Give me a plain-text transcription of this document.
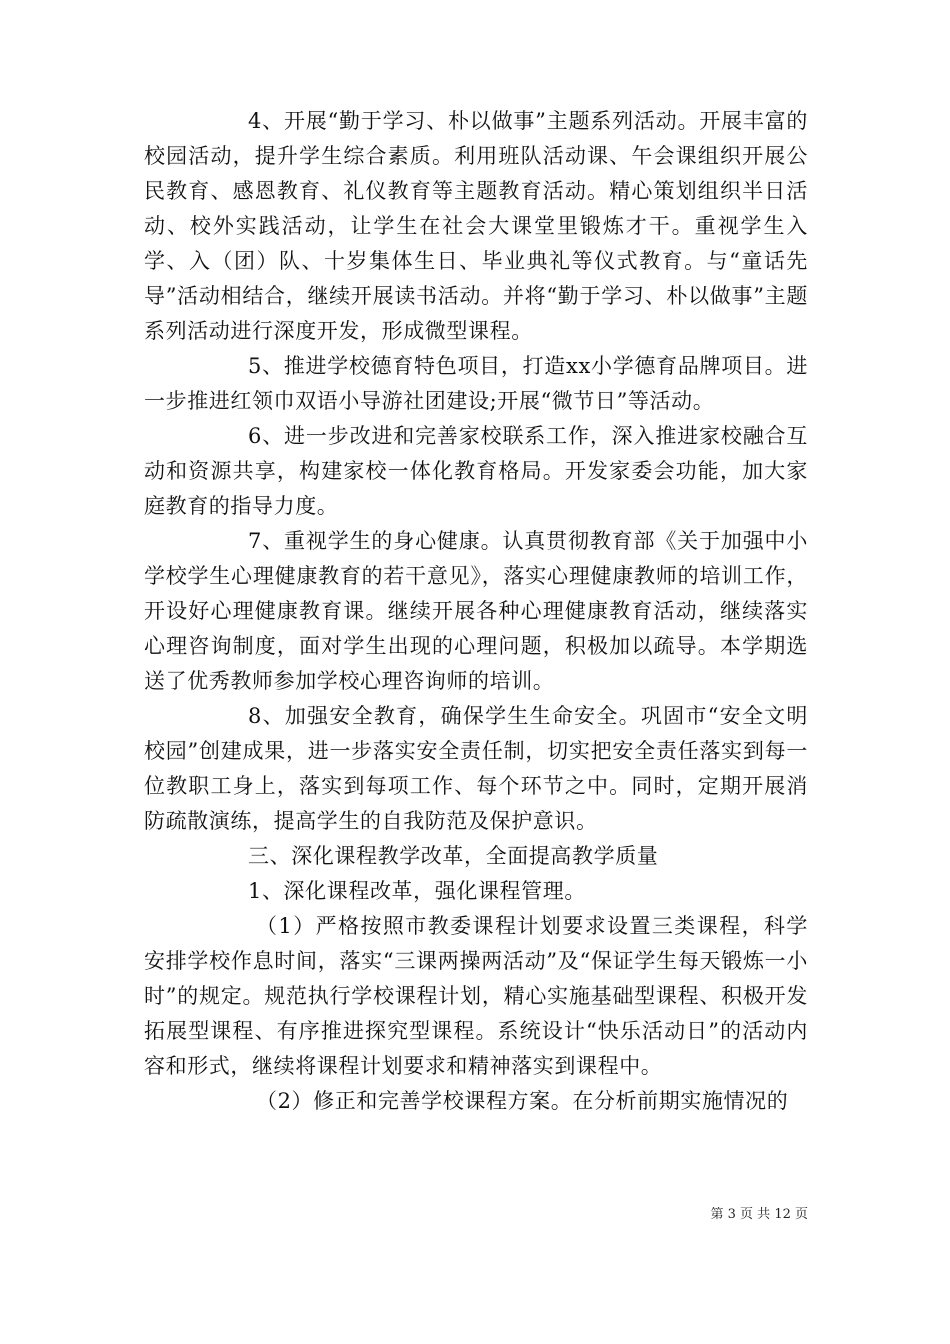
4、开展“勤于学习、朴以做事”主题系列活动。开展丰富的校园活动，提升学生综合素质。利用班队活动课、午会课组织开展公民教育、感恩教育、礼仪教育等主题教育活动。精心策划组织半日活动、校外实践活动，让学生在社会大课堂里锻炼才干。重视学生入学、入（团）队、十岁集体生日、毕业典礼等仪式教育。与“童话先导”活动相结合，继续开展读书活动。并将“勤于学习、朴以做事”主题系列活动进行深度开发，形成微型课程。

5、推进学校德育特色项目，打造xx小学德育品牌项目。进一步推进红领巾双语小导游社团建设;开展“微节日”等活动。

6、进一步改进和完善家校联系工作，深入推进家校融合互动和资源共享，构建家校一体化教育格局。开发家委会功能，加大家庭教育的指导力度。

7、重视学生的身心健康。认真贯彻教育部《关于加强中小学校学生心理健康教育的若干意见》，落实心理健康教师的培训工作，开设好心理健康教育课。继续开展各种心理健康教育活动，继续落实心理咨询制度，面对学生出现的心理问题，积极加以疏导。本学期选送了优秀教师参加学校心理咨询师的培训。

8、加强安全教育，确保学生生命安全。巩固市“安全文明校园”创建成果，进一步落实安全责任制，切实把安全责任落实到每一位教职工身上，落实到每项工作、每个环节之中。同时，定期开展消防疏散演练，提高学生的自我防范及保护意识。

三、深化课程教学改革，全面提高教学质量

1、深化课程改革，强化课程管理。

（1）严格按照市教委课程计划要求设置三类课程，科学安排学校作息时间，落实“三课两操两活动”及“保证学生每天锻炼一小时”的规定。规范执行学校课程计划，精心实施基础型课程、积极开发拓展型课程、有序推进探究型课程。系统设计“快乐活动日”的活动内容和形式，继续将课程计划要求和精神落实到课程中。

（2）修正和完善学校课程方案。在分析前期实施情况的

第 3 页 共 12 页
